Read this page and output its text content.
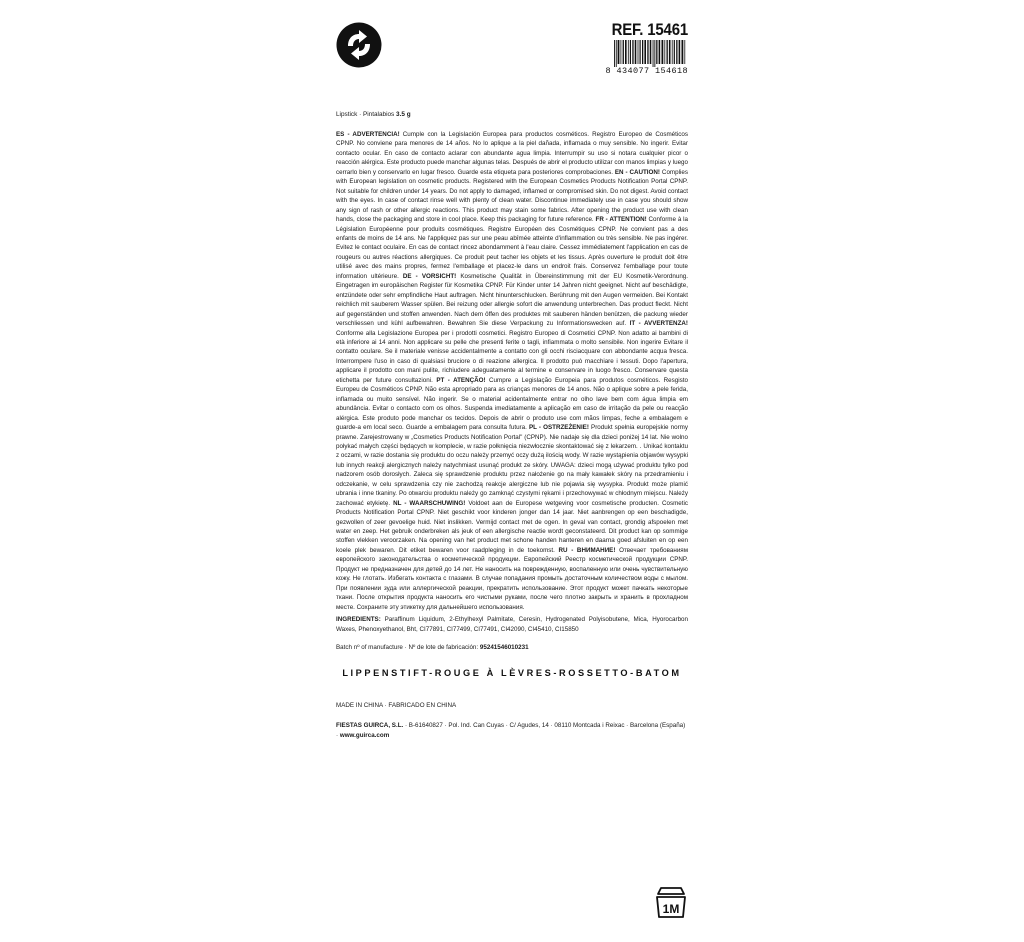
REF. 15461
8 434077 154618
Lipstick · Pintalabios 3.5 g
ES - ADVERTENCIA! Cumple con la Legislación Europea para productos cosméticos. Registro Europeo de Cosméticos CPNP. No conviene para menores de 14 años. No lo aplique a la piel dañada, inflamada o muy sensible. No ingerir. Evitar contacto ocular. En caso de contacto aclarar con abundante agua limpia. Interrumpir su uso si notara cualquier picor o reacción alérgica. Este producto puede manchar algunas telas. Después de abrir el producto utilizar con manos limpias y luego cerrarlo bien y conservarlo en lugar fresco. Guarde esta etiqueta para posteriores comprobaciones. EN - CAUTION! Complies with European legislation on cosmetic products. Registered with the European Cosmetics Products Notification Portal CPNP. Not suitable for children under 14 years. Do not apply to damaged, inflamed or compromised skin. Do not digest. Avoid contact with the eyes. In case of contact rinse well with plenty of clean water. Discontinue immediately use in case you should show any sign of rash or other allergic reactions. This product may stain some fabrics. After opening the product use with clean hands, close the packaging and store in cool place. Keep this packaging for future reference. FR - ATTENTION! Conforme à la Législation Européenne pour produits cosmétiques. Registre Européen des Cosmétiques CPNP. Ne convient pas a des enfants de moins de 14 ans. Ne l'appliquez pas sur une peau abîmée atteinte d'inflammation ou très sensible. Ne pas ingérer. Evitez le contact oculaire. En cas de contact rincez abondamment à l'eau claire. Cessez immédiatement l'application en cas de rougeurs ou autres réactions allergiques. Ce produit peut tacher les objets et les tissus. Après ouverture le produit doit être utilisé avec des mains propres, fermez l'emballage et placez-le dans un endroit frais. Conservez l'emballage pour toute information ultérieure. DE - VORSICHT! Kosmetische Qualität in Übereinstimmung mit der EU Kosmetik-Verordnung. Eingetragen im europäischen Register für Kosmetika CPNP. Für Kinder unter 14 Jahren nicht geeignet. Nicht auf beschädigte, entzündete oder sehr empfindliche Haut auftragen. Nicht hinunterschlucken. Berührung mit den Augen vermeiden. Bei Kontakt reichlich mit sauberem Wasser spülen. Bei reizung oder allergie sofort die anwendung unterbrechen. Das product fleckt. Nicht auf gegenständen und stoffen anwenden. Nach dem öffen des produktes mit sauberen händen benützen, die packung wieder verschliessen und kühl aufbewahren. Bewahren Sie diese Verpackung zu Informationswecken auf. IT - AVVERTENZA! Conforme alla Legislazione Europea per i prodotti cosmetici. Registro Europeo di Cosmetici CPNP. Non adatto ai bambini di età inferiore ai 14 anni. Non applicare su pelle che presenti ferite o tagli, infiammata o molto sensibile. Non ingerire Evitare il contatto oculare. Se il materiale venisse accidentalmente a contatto con gli occhi risciacquare con abbondante acqua fresca. Interrompere l'uso in caso di qualsiasi bruciore o di reazione allergica. Il prodotto può macchiare i tessuti. Dopo l'apertura, applicare il prodotto con mani pulite, richiudere adeguatamente al termine e conservare in luogo fresco. Conservare questa etichetta per future consultazioni. PT - ATENÇÃO! Cumpre a Legislação Europeia para produtos cosméticos. Resgisto Europeu de Cosméticos CPNP. Não esta apropriado para as crianças menores de 14 anos. Não o aplique sobre a pele ferida, inflamada ou muito sensível. Não ingerir. Se o material acidentalmente entrar no olho lave bem com água limpia em abundância. Evitar o contacto com os olhos. Suspenda imediatamente a aplicação em caso de irritação da pele ou reacção alérgica. Este produto pode manchar os tecidos. Depois de abrir o produto use com mãos limpas, feche a embalagem e guarde-a em local seco. Guarde a embalagem para consulta futura. PL - OSTRZEŻENIE! Produkt spełnia europejskie normy prawne. Zarejestrowany w „Cosmetics Products Notification Portal" (CPNP). Nie nadaje się dla dzieci poniżej 14 lat. Nie wolno połykać małych części będących w komplecie, w razie połknięcia niezwłocznie skontaktować się z lekarzem. . Unikać kontaktu z oczami, w razie dostania się produktu do oczu należy przemyć oczy dużą ilością wody. W razie wystąpienia objawów wysypki lub innych reakcji alergicznych należy natychmiast usunąć produkt ze skóry. UWAGA: dzieci mogą używać produktu tylko pod nadzorem osób dorosłych. Zaleca się sprawdzenie produktu przez nałożenie go na mały kawałek skóry na przedramieniu i odczekanie, w celu sprawdzenia czy nie zachodzą reakcje alergiczne lub nie pojawia się wysypka. Produkt może plamić ubrania i inne tkaniny. Po otwarciu produktu należy go zamknąć czystymi rękami i przechowywać w chłodnym miejscu. Należy zachować etykietę. NL - WAARSCHUWING! Voldoet aan de Europese wetgeving voor cosmetische producten. Cosmetic Products Notification Portal CPNP. Niet geschikt voor kinderen jonger dan 14 jaar. Niet aanbrengen op een beschadigde, gezwollen of zeer gevoelige huid. Niet inslikken. Vermijd contact met de ogen. In geval van contact, grondig afspoelen met water en zeep. Het gebruik onderbreken als jeuk of een allergische reactie wordt geconstateerd. Dit product kan op sommige stoffen vlekken veroorzaken. Na opening van het product met schone handen hanteren en daarna goed afsluiten en op een koele plek bewaren. Dit etiket bewaren voor raadpleging in de toekomst. RU - ВНИМАНИЕ! Отвечает требованиям европейского законодательства о косметической продукции. Европейский Реестр косметической продукции CPNP. Продукт не предназначен для детей до 14 лет. Не наносить на поврежденную, воспаленную или очень чувствительную кожу. Не глотать. Избегать контакта с глазами. В случае попадания промыть достаточным количеством воды с мылом. При появлении зуда или аллергической реакции, прекратить использование. Этот продукт может пачкать некоторые ткани. После открытия продукта наносить его чистыми руками, после чего плотно закрыть и хранить в прохладном месте. Сохраните эту этикетку для дальнейшего использования.
INGREDIENTS: Paraffinum Liquidum, 2-Ethylhexyl Palmitate, Ceresin, Hydrogenated Polyisobutene, Mica, Hyorocarbon Waxes, Phenoxyethanol, Bht, CI77891, CI77499, CI77491, CI42090, CI45410, CI15850
Batch nº of manufacture · Nº de lote de fabricación: 95241546010231
LIPPENSTIFT-ROUGE À LÈVRES-ROSSETTO-BATOM
MADE IN CHINA · FABRICADO EN CHINA
FIESTAS GUIRCA, S.L. · B-61640827 · Pol. Ind. Can Cuyas · C/ Agudes, 14 · 08110 Montcada i Reixac · Barcelona (España) · www.guirca.com
1M
